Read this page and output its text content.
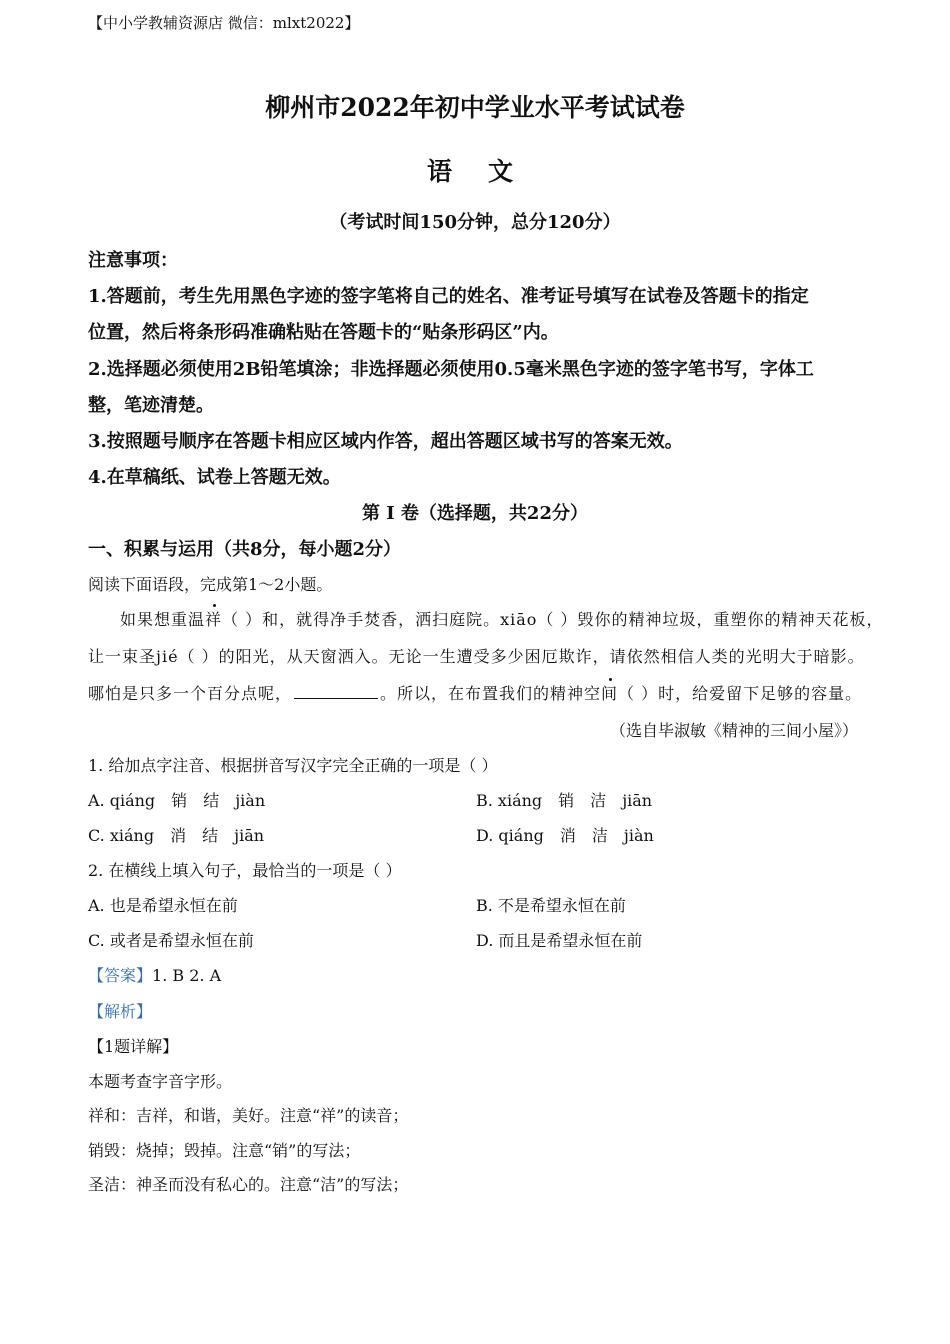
【中小学教辅资源店 微信：mlxt2022】
柳州市2022年初中学业水平考试试卷
语 文
（考试时间150分钟，总分120分）
注意事项：
1.答题前，考生先用黑色字迹的签字笔将自己的姓名、准考证号填写在试卷及答题卡的指定
位置，然后将条形码准确粘贴在答题卡的“贴条形码区”内。
2.选择题必须使用2B铅笔填涂；非选择题必须使用0.5毫米黑色字迹的签字笔书写，字体工
整，笔迹清楚。
3.按照题号顺序在答题卡相应区域内作答，超出答题区域书写的答案无效。
4.在草稿纸、试卷上答题无效。
第 Ⅰ 卷（选择题，共22分）
一、积累与运用（共8分，每小题2分）
阅读下面语段，完成第1～2小题。
如果想重温祥（ ）和，就得净手焚香，洒扫庭院。xiāo（ ）毁你的精神垃圾，重塑你的精神天花板，
让一束圣jié（ ）的阳光，从天窗洒入。无论一生遭受多少困厄欺诈，请依然相信人类的光明大于暗影。
哪怕是只多一个百分点呢，	。所以，在布置我们的精神空间（ ）时，给爱留下足够的容量。
（选自毕淑敏《精神的三间小屋》）
1. 给加点字注音、根据拼音写汉字完全正确的一项是（ ）
A. qiáng 销 结 jiàn	B. xiáng 销 洁 jiān
C. xiáng 消 结 jiān	D. qiáng 消 洁 jiàn
2. 在横线上填入句子，最恰当的一项是（ ）
A. 也是希望永恒在前	B. 不是希望永恒在前
C. 或者是希望永恒在前	D. 而且是希望永恒在前
【答案】1. B 2. A
【解析】
【1题详解】
本题考查字音字形。
祥和：吉祥，和谐，美好。注意“祥”的读音；
销毁：烧掉；毁掉。注意“销”的写法；
圣洁：神圣而没有私心的。注意“洁”的写法；
